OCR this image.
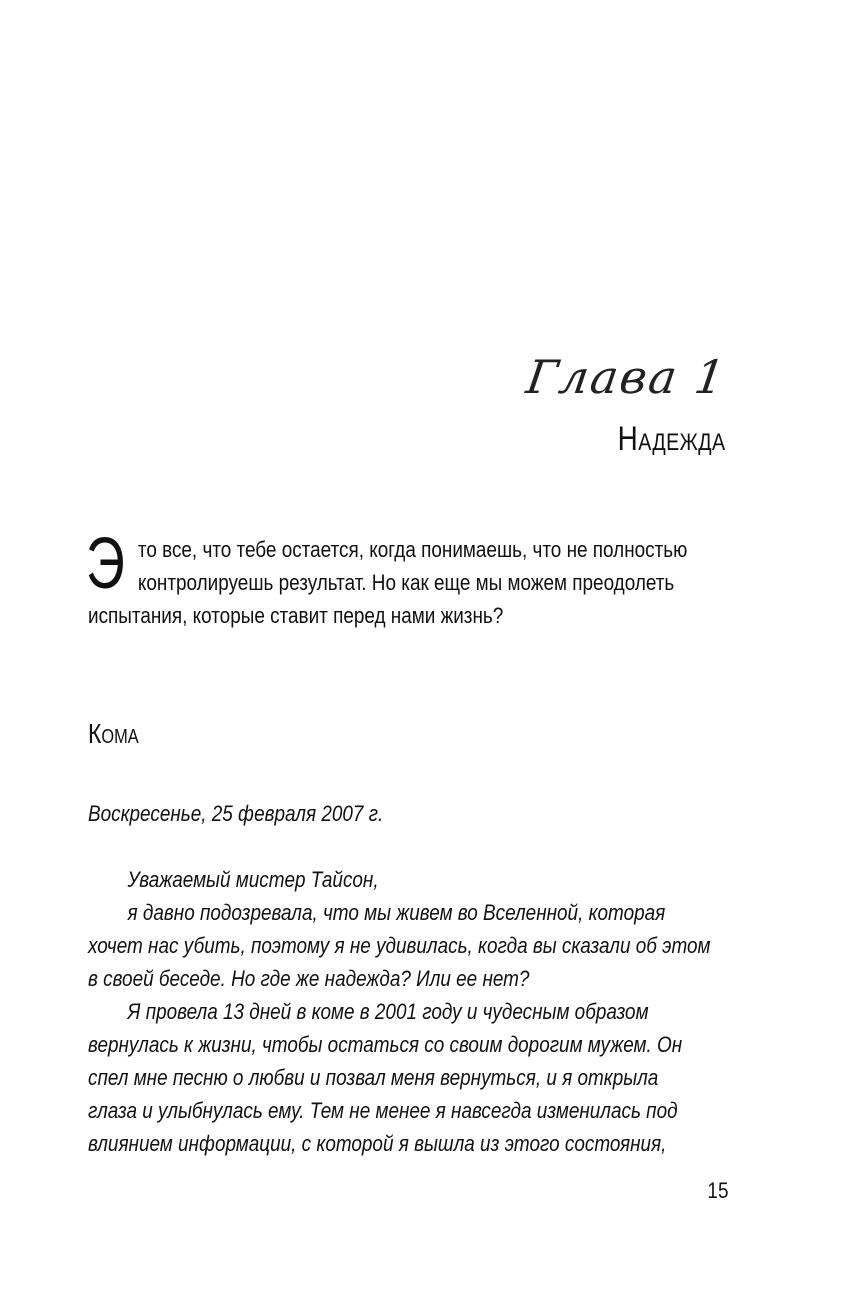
Глава 1
Надежда
Э то все, что тебе остается, когда понимаешь, что не полностью
контролируешь результат. Но как еще мы можем преодолеть
испытания, которые ставит перед нами жизнь?
Кома
Воскресенье, 25 февраля 2007 г.
Уважаемый мистер Тайсон,
я давно подозревала, что мы живем во Вселенной, которая
хочет нас убить, поэтому я не удивилась, когда вы сказали об этом
в своей беседе. Но где же надежда? Или ее нет?
Я провела 13 дней в коме в 2001 году и чудесным образом
вернулась к жизни, чтобы остаться со своим дорогим мужем. Он
спел мне песню о любви и позвал меня вернуться, и я открыла
глаза и улыбнулась ему. Тем не менее я навсегда изменилась под
влиянием информации, с которой я вышла из этого состояния,
15
